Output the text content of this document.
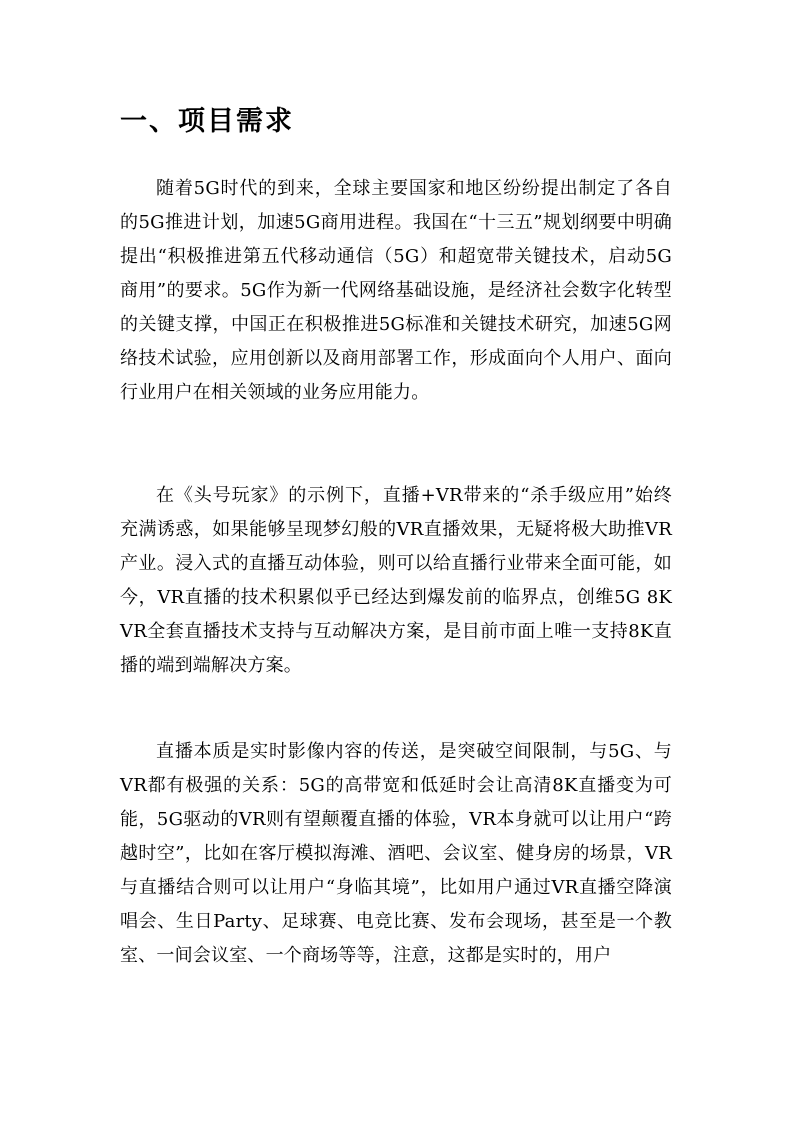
一、项目需求

随着5G时代的到来，全球主要国家和地区纷纷提出制定了各自的5G推进计划，加速5G商用进程。我国在“十三五”规划纲要中明确提出“积极推进第五代移动通信（5G）和超宽带关键技术，启动5G商用”的要求。5G作为新一代网络基础设施，是经济社会数字化转型的关键支撑，中国正在积极推进5G标准和关键技术研究，加速5G网络技术试验，应用创新以及商用部署工作，形成面向个人用户、面向行业用户在相关领域的业务应用能力。

在《头号玩家》的示例下，直播+VR带来的“杀手级应用”始终充满诱惑，如果能够呈现梦幻般的VR直播效果，无疑将极大助推VR产业。浸入式的直播互动体验，则可以给直播行业带来全面可能，如今，VR直播的技术积累似乎已经达到爆发前的临界点，创维5G 8K VR全套直播技术支持与互动解决方案，是目前市面上唯一支持8K直播的端到端解决方案。

直播本质是实时影像内容的传送，是突破空间限制，与5G、与VR都有极强的关系：5G的高带宽和低延时会让高清8K直播变为可能，5G驱动的VR则有望颠覆直播的体验，VR本身就可以让用户“跨越时空”，比如在客厅模拟海滩、酒吧、会议室、健身房的场景，VR与直播结合则可以让用户“身临其境”，比如用户通过VR直播空降演唱会、生日Party、足球赛、电竞比赛、发布会现场，甚至是一个教室、一间会议室、一个商场等等，注意，这都是实时的，用户
